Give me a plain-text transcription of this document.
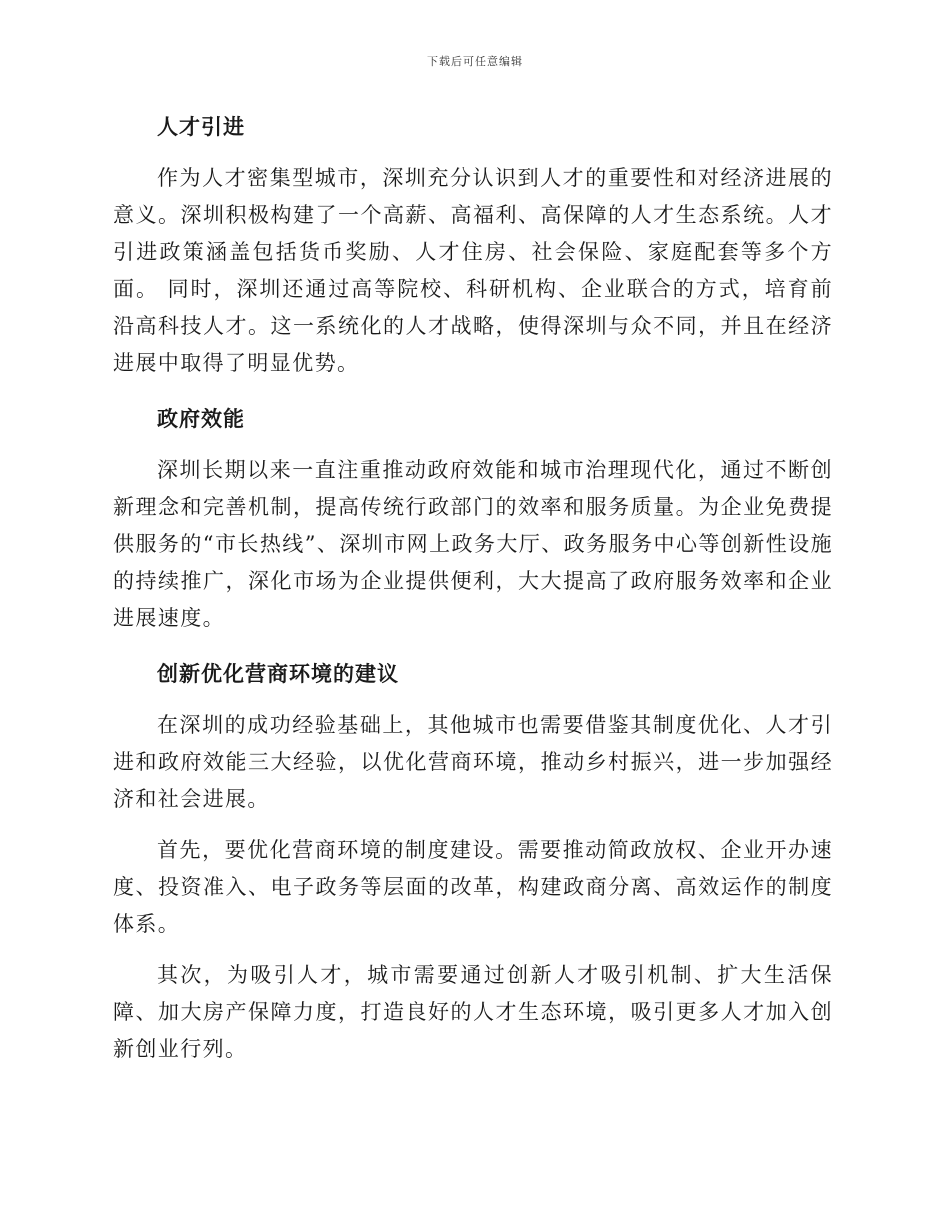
下载后可任意编辑
人才引进

作为人才密集型城市，深圳充分认识到人才的重要性和对经济进展的意义。深圳积极构建了一个高薪、高福利、高保障的人才生态系统。人才引进政策涵盖包括货币奖励、人才住房、社会保险、家庭配套等多个方面。 同时，深圳还通过高等院校、科研机构、企业联合的方式，培育前沿高科技人才。这一系统化的人才战略，使得深圳与众不同，并且在经济进展中取得了明显优势。

政府效能

深圳长期以来一直注重推动政府效能和城市治理现代化，通过不断创新理念和完善机制，提高传统行政部门的效率和服务质量。为企业免费提供服务的“市长热线”、深圳市网上政务大厅、政务服务中心等创新性设施的持续推广，深化市场为企业提供便利，大大提高了政府服务效率和企业进展速度。

创新优化营商环境的建议

在深圳的成功经验基础上，其他城市也需要借鉴其制度优化、人才引进和政府效能三大经验，以优化营商环境，推动乡村振兴，进一步加强经济和社会进展。

首先，要优化营商环境的制度建设。需要推动简政放权、企业开办速度、投资准入、电子政务等层面的改革，构建政商分离、高效运作的制度体系。

其次，为吸引人才，城市需要通过创新人才吸引机制、扩大生活保障、加大房产保障力度，打造良好的人才生态环境，吸引更多人才加入创新创业行列。
